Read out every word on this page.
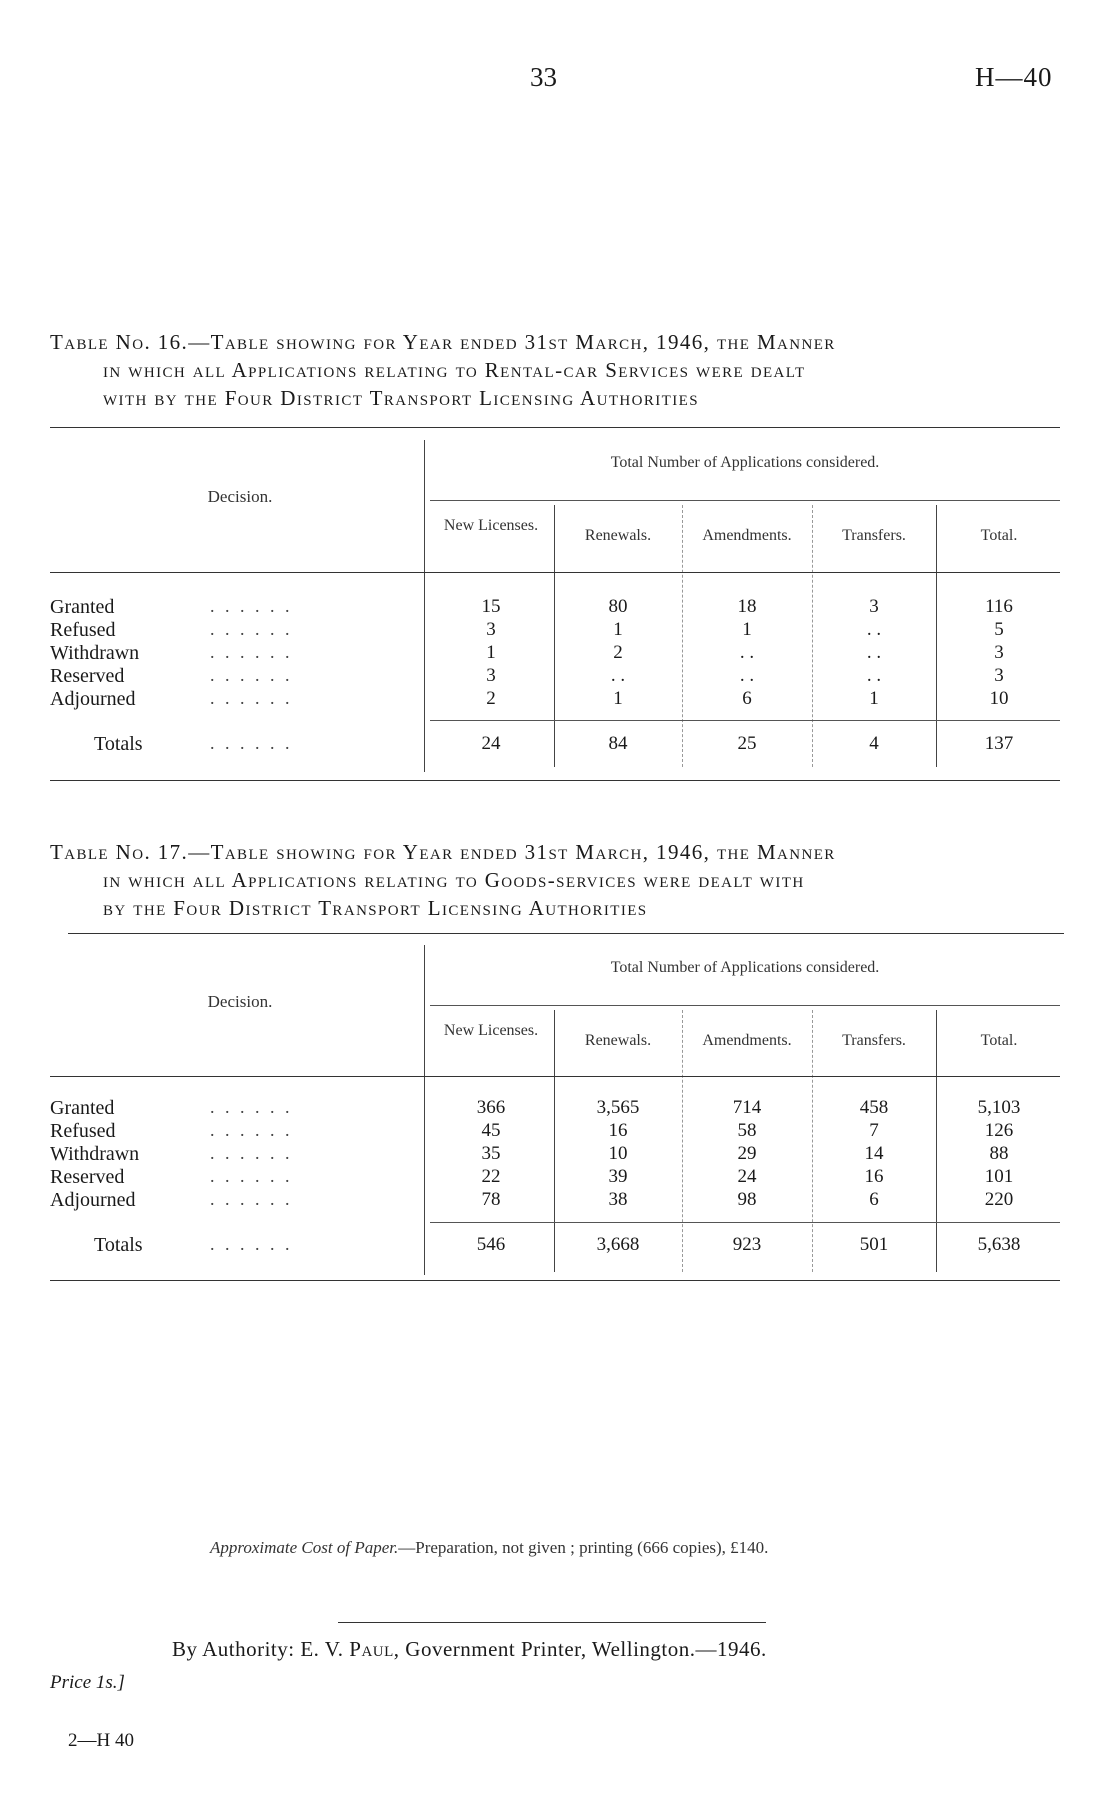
33	H—40
Table No. 16.—Table showing for Year ended 31st March, 1946, the Manner
in which all Applications relating to Rental-car Services were dealt
with by the Four District Transport Licensing Authorities
Decision.
Total Number of Applications considered.
New Licenses.
Renewals.	Amendments.	Transfers.	Total.
Granted	. . . . . .	15	80	18	3	116
Refused	. . . . . .	3	1	1	. .	5
Withdrawn	. . . . . .	1	2	. .	. .	3
Reserved	. . . . . .	3	. .	. .	. .	3
Adjourned	. . . . . .	2	1	6	1	10
Totals	. . . . . .	24	84	25	4	137
Table No. 17.—Table showing for Year ended 31st March, 1946, the Manner
in which all Applications relating to Goods-services were dealt with
by the Four District Transport Licensing Authorities
Decision.
Total Number of Applications considered.
New Licenses.
Renewals.	Amendments.	Transfers.	Total.
Granted	. . . . . .	366	3,565	714	458	5,103
Refused	. . . . . .	45	16	58	7	126
Withdrawn	. . . . . .	35	10	29	14	88
Reserved	. . . . . .	22	39	24	16	101
Adjourned	. . . . . .	78	38	98	6	220
Totals	. . . . . .	546	3,668	923	501	5,638
Approximate Cost of Paper.—Preparation, not given ; printing (666 copies), £140.
By Authority: E. V. Paul, Government Printer, Wellington.—1946.
Price 1s.]
2—H 40
